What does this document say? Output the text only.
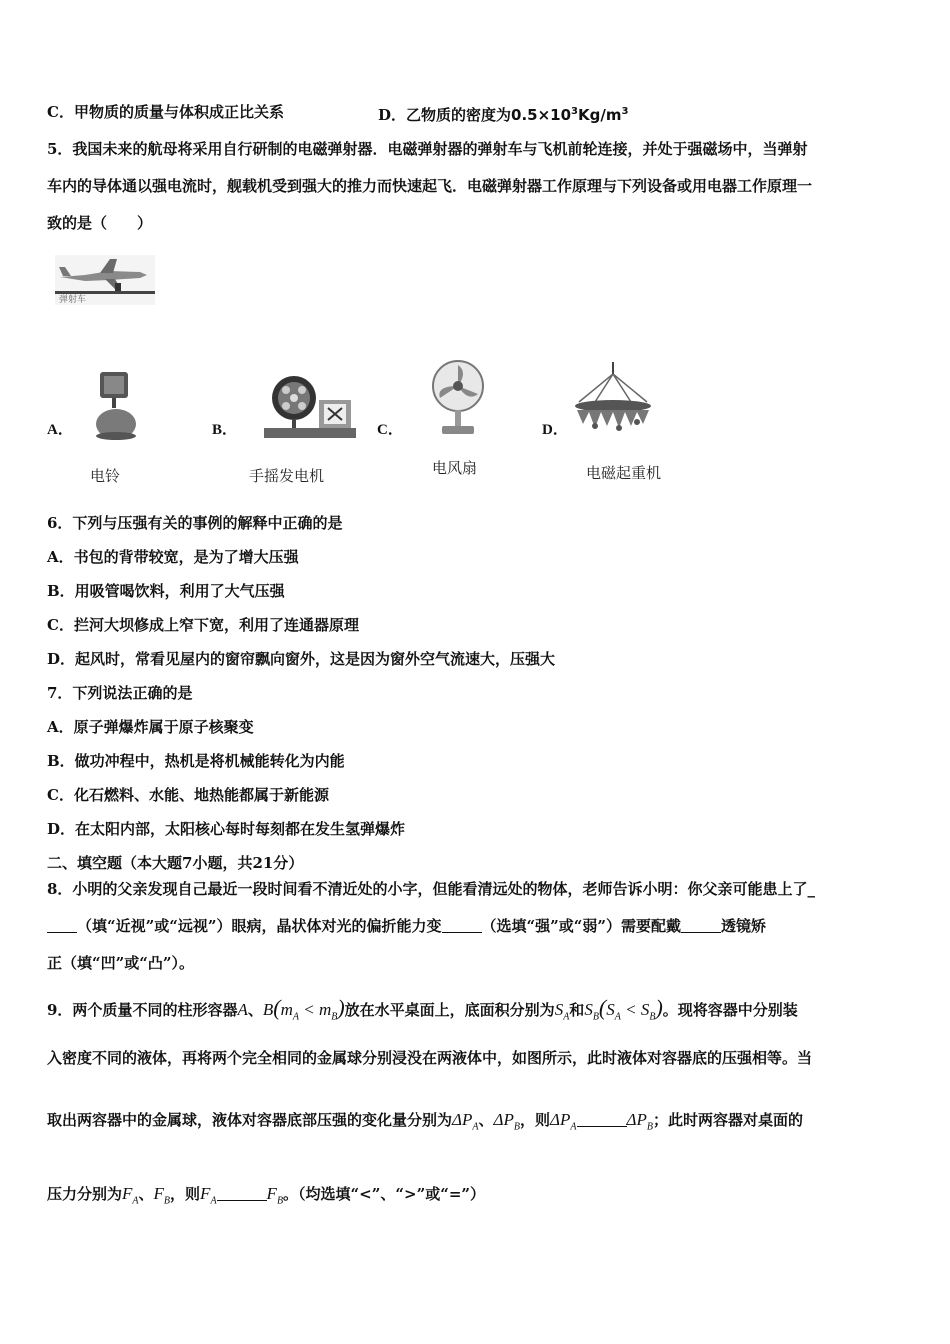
C．甲物质的质量与体积成正比关系	D．乙物质的密度为$0.5\times 10^3Kg/m^3$
5．我国未来的航母将采用自行研制的电磁弹射器．电磁弹射器的弹射车与飞机前轮连接，并处于强磁场中，当弹射
车内的导体通以强电流时，舰载机受到强大的推力而快速起飞．电磁弹射器工作原理与下列设备或用电器工作原理一
致的是（　　）
弹射车
A．
电铃
B．
手摇发电机
C．
电风扇
D．
电磁起重机
6．下列与压强有关的事例的解释中正确的是
A．书包的背带较宽，是为了增大压强
B．用吸管喝饮料，利用了大气压强
C．拦河大坝修成上窄下宽，利用了连通器原理
D．起风时，常看见屋内的窗帘飘向窗外，这是因为窗外空气流速大，压强大
7．下列说法正确的是
A．原子弹爆炸属于原子核聚变
B．做功冲程中，热机是将机械能转化为内能
C．化石燃料、水能、地热能都属于新能源
D．在太阳内部，太阳核心每时每刻都在发生氢弹爆炸
二、填空题（本大题7小题，共21分）
8．小明的父亲发现自己最近一段时间看不清近处的小字，但能看清远处的物体，老师告诉小明：你父亲可能患上了_
（填“近视”或“远视”）眼病，晶状体对光的偏折能力变	（选填“强”或“弱”）需要配戴	透镜矫
正（填“凹”或“凸”）。
9．两个质量不同的柱形容器A、$B(m_A < m_B)$放在水平桌面上，底面积分别为$S_A$和$S_B(S_A < S_B)$。现将容器中分别装
入密度不同的液体，再将两个完全相同的金属球分别浸没在两液体中，如图所示，此时液体对容器底的压强相等。当
取出两容器中的金属球，液体对容器底部压强的变化量分别为$\Delta P_A$、$\Delta P_B$，则$\Delta P_A$	$\Delta P_B$；此时两容器对桌面的
压力分别为$F_A$、$F_B$，则$F_A$	$F_B$。（均选填“<”、“>”或“=”）
